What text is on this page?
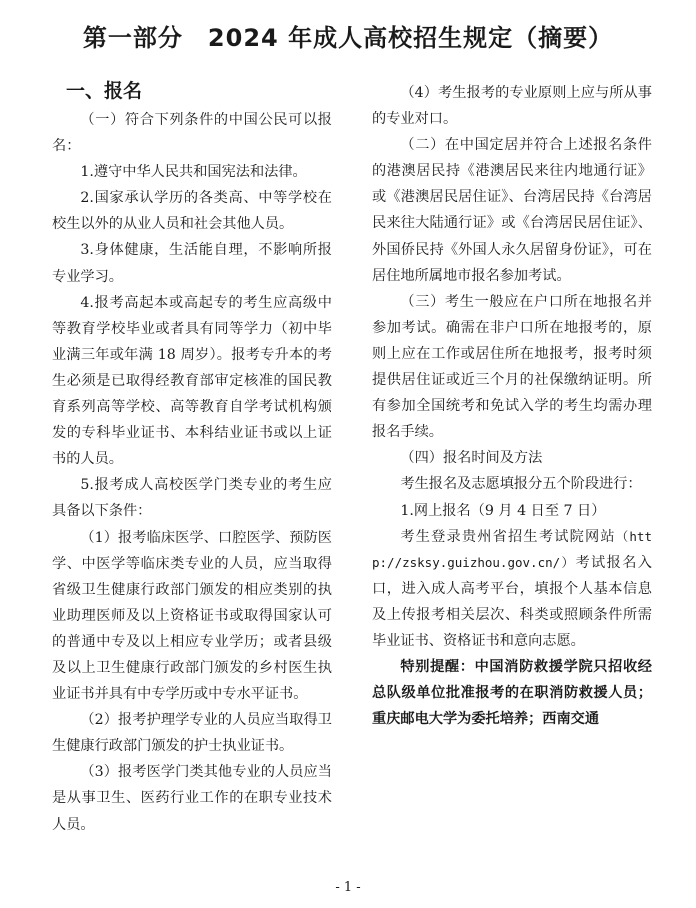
第一部分　2024 年成人高校招生规定（摘要）
一、报名

（一）符合下列条件的中国公民可以报名：

1.遵守中华人民共和国宪法和法律。

2.国家承认学历的各类高、中等学校在校生以外的从业人员和社会其他人员。

3.身体健康，生活能自理，不影响所报专业学习。

4.报考高起本或高起专的考生应高级中等教育学校毕业或者具有同等学力（初中毕业满三年或年满 18 周岁）。报考专升本的考生必须是已取得经教育部审定核准的国民教育系列高等学校、高等教育自学考试机构颁发的专科毕业证书、本科结业证书或以上证书的人员。

5.报考成人高校医学门类专业的考生应具备以下条件：

（1）报考临床医学、口腔医学、预防医学、中医学等临床类专业的人员，应当取得省级卫生健康行政部门颁发的相应类别的执业助理医师及以上资格证书或取得国家认可的普通中专及以上相应专业学历；或者县级及以上卫生健康行政部门颁发的乡村医生执业证书并具有中专学历或中专水平证书。

（2）报考护理学专业的人员应当取得卫生健康行政部门颁发的护士执业证书。

（3）报考医学门类其他专业的人员应当是从事卫生、医药行业工作的在职专业技术人员。

（4）考生报考的专业原则上应与所从事的专业对口。

（二）在中国定居并符合上述报名条件的港澳居民持《港澳居民来往内地通行证》或《港澳居民居住证》、台湾居民持《台湾居民来往大陆通行证》或《台湾居民居住证》、外国侨民持《外国人永久居留身份证》，可在居住地所属地市报名参加考试。

（三）考生一般应在户口所在地报名并参加考试。确需在非户口所在地报考的，原则上应在工作或居住所在地报考，报考时须提供居住证或近三个月的社保缴纳证明。所有参加全国统考和免试入学的考生均需办理报名手续。

（四）报名时间及方法

考生报名及志愿填报分五个阶段进行：

1.网上报名（9 月 4 日至 7 日）

考生登录贵州省招生考试院网站（http://zsksy.guizhou.gov.cn/）考试报名入口，进入成人高考平台，填报个人基本信息及上传报考相关层次、科类或照顾条件所需毕业证书、资格证书和意向志愿。

特别提醒：中国消防救援学院只招收经总队级单位批准报考的在职消防救援人员；重庆邮电大学为委托培养；西南交通

- 1 -
